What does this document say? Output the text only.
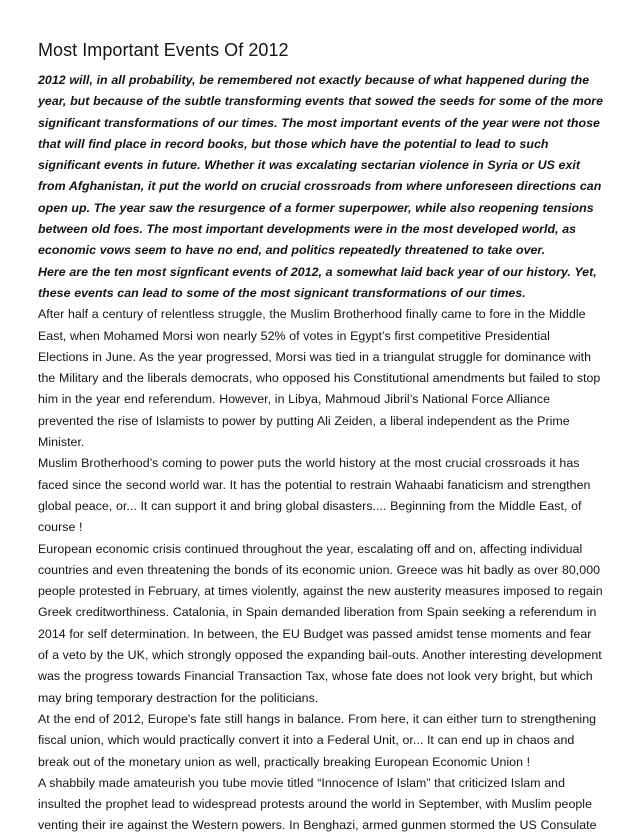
Most Important Events Of 2012

2012 will, in all probability, be remembered not exactly because of what happened during the year, but because of the subtle transforming events that sowed the seeds for some of the more significant transformations of our times. The most important events of the year were not those that will find place in record books, but those which have the potential to lead to such significant events in future. Whether it was excalating sectarian violence in Syria or US exit from Afghanistan, it put the world on crucial crossroads from where unforeseen directions can open up. The year saw the resurgence of a former superpower, while also reopening tensions between old foes. The most important developments were in the most developed world, as economic vows seem to have no end, and politics repeatedly threatened to take over.

Here are the ten most signficant events of 2012, a somewhat laid back year of our history. Yet, these events can lead to some of the most signicant transformations of our times.

After half a century of relentless struggle, the Muslim Brotherhood finally came to fore in the Middle East, when Mohamed Morsi won nearly 52% of votes in Egypt’s first competitive Presidential Elections in June. As the year progressed, Morsi was tied in a triangulat struggle for dominance with the Military and the liberals democrats, who opposed his Constitutional amendments but failed to stop him in the year end referendum. However, in Libya, Mahmoud Jibril’s National Force Alliance prevented the rise of Islamists to power by putting Ali Zeiden, a liberal independent as the Prime Minister.

Muslim Brotherhood’s coming to power puts the world history at the most crucial crossroads it has faced since the second world war. It has the potential to restrain Wahaabi fanaticism and strengthen global peace, or... It can support it and bring global disasters.... Beginning from the Middle East, of course !

European economic crisis continued throughout the year, escalating off and on, affecting individual countries and even threatening the bonds of its economic union. Greece was hit badly as over 80,000 people protested in February, at times violently, against the new austerity measures imposed to regain Greek creditworthiness. Catalonia, in Spain demanded liberation from Spain seeking a referendum in 2014 for self determination. In between, the EU Budget was passed amidst tense moments and fear of a veto by the UK, which strongly opposed the expanding bail-outs. Another interesting development was the progress towards Financial Transaction Tax, whose fate does not look very bright, but which may bring temporary destraction for the politicians.

At the end of 2012, Europe's fate still hangs in balance. From here, it can either turn to strengthening fiscal union, which would practically convert it into a Federal Unit, or... It can end up in chaos and break out of the monetary union as well, practically breaking European Economic Union !

A shabbily made amateurish you tube movie titled “Innocence of Islam” that criticized Islam and insulted the prophet lead to widespread protests around the world in September, with Muslim people venting their ire against the Western powers. In Benghazi, armed gunmen stormed the US Consulate
